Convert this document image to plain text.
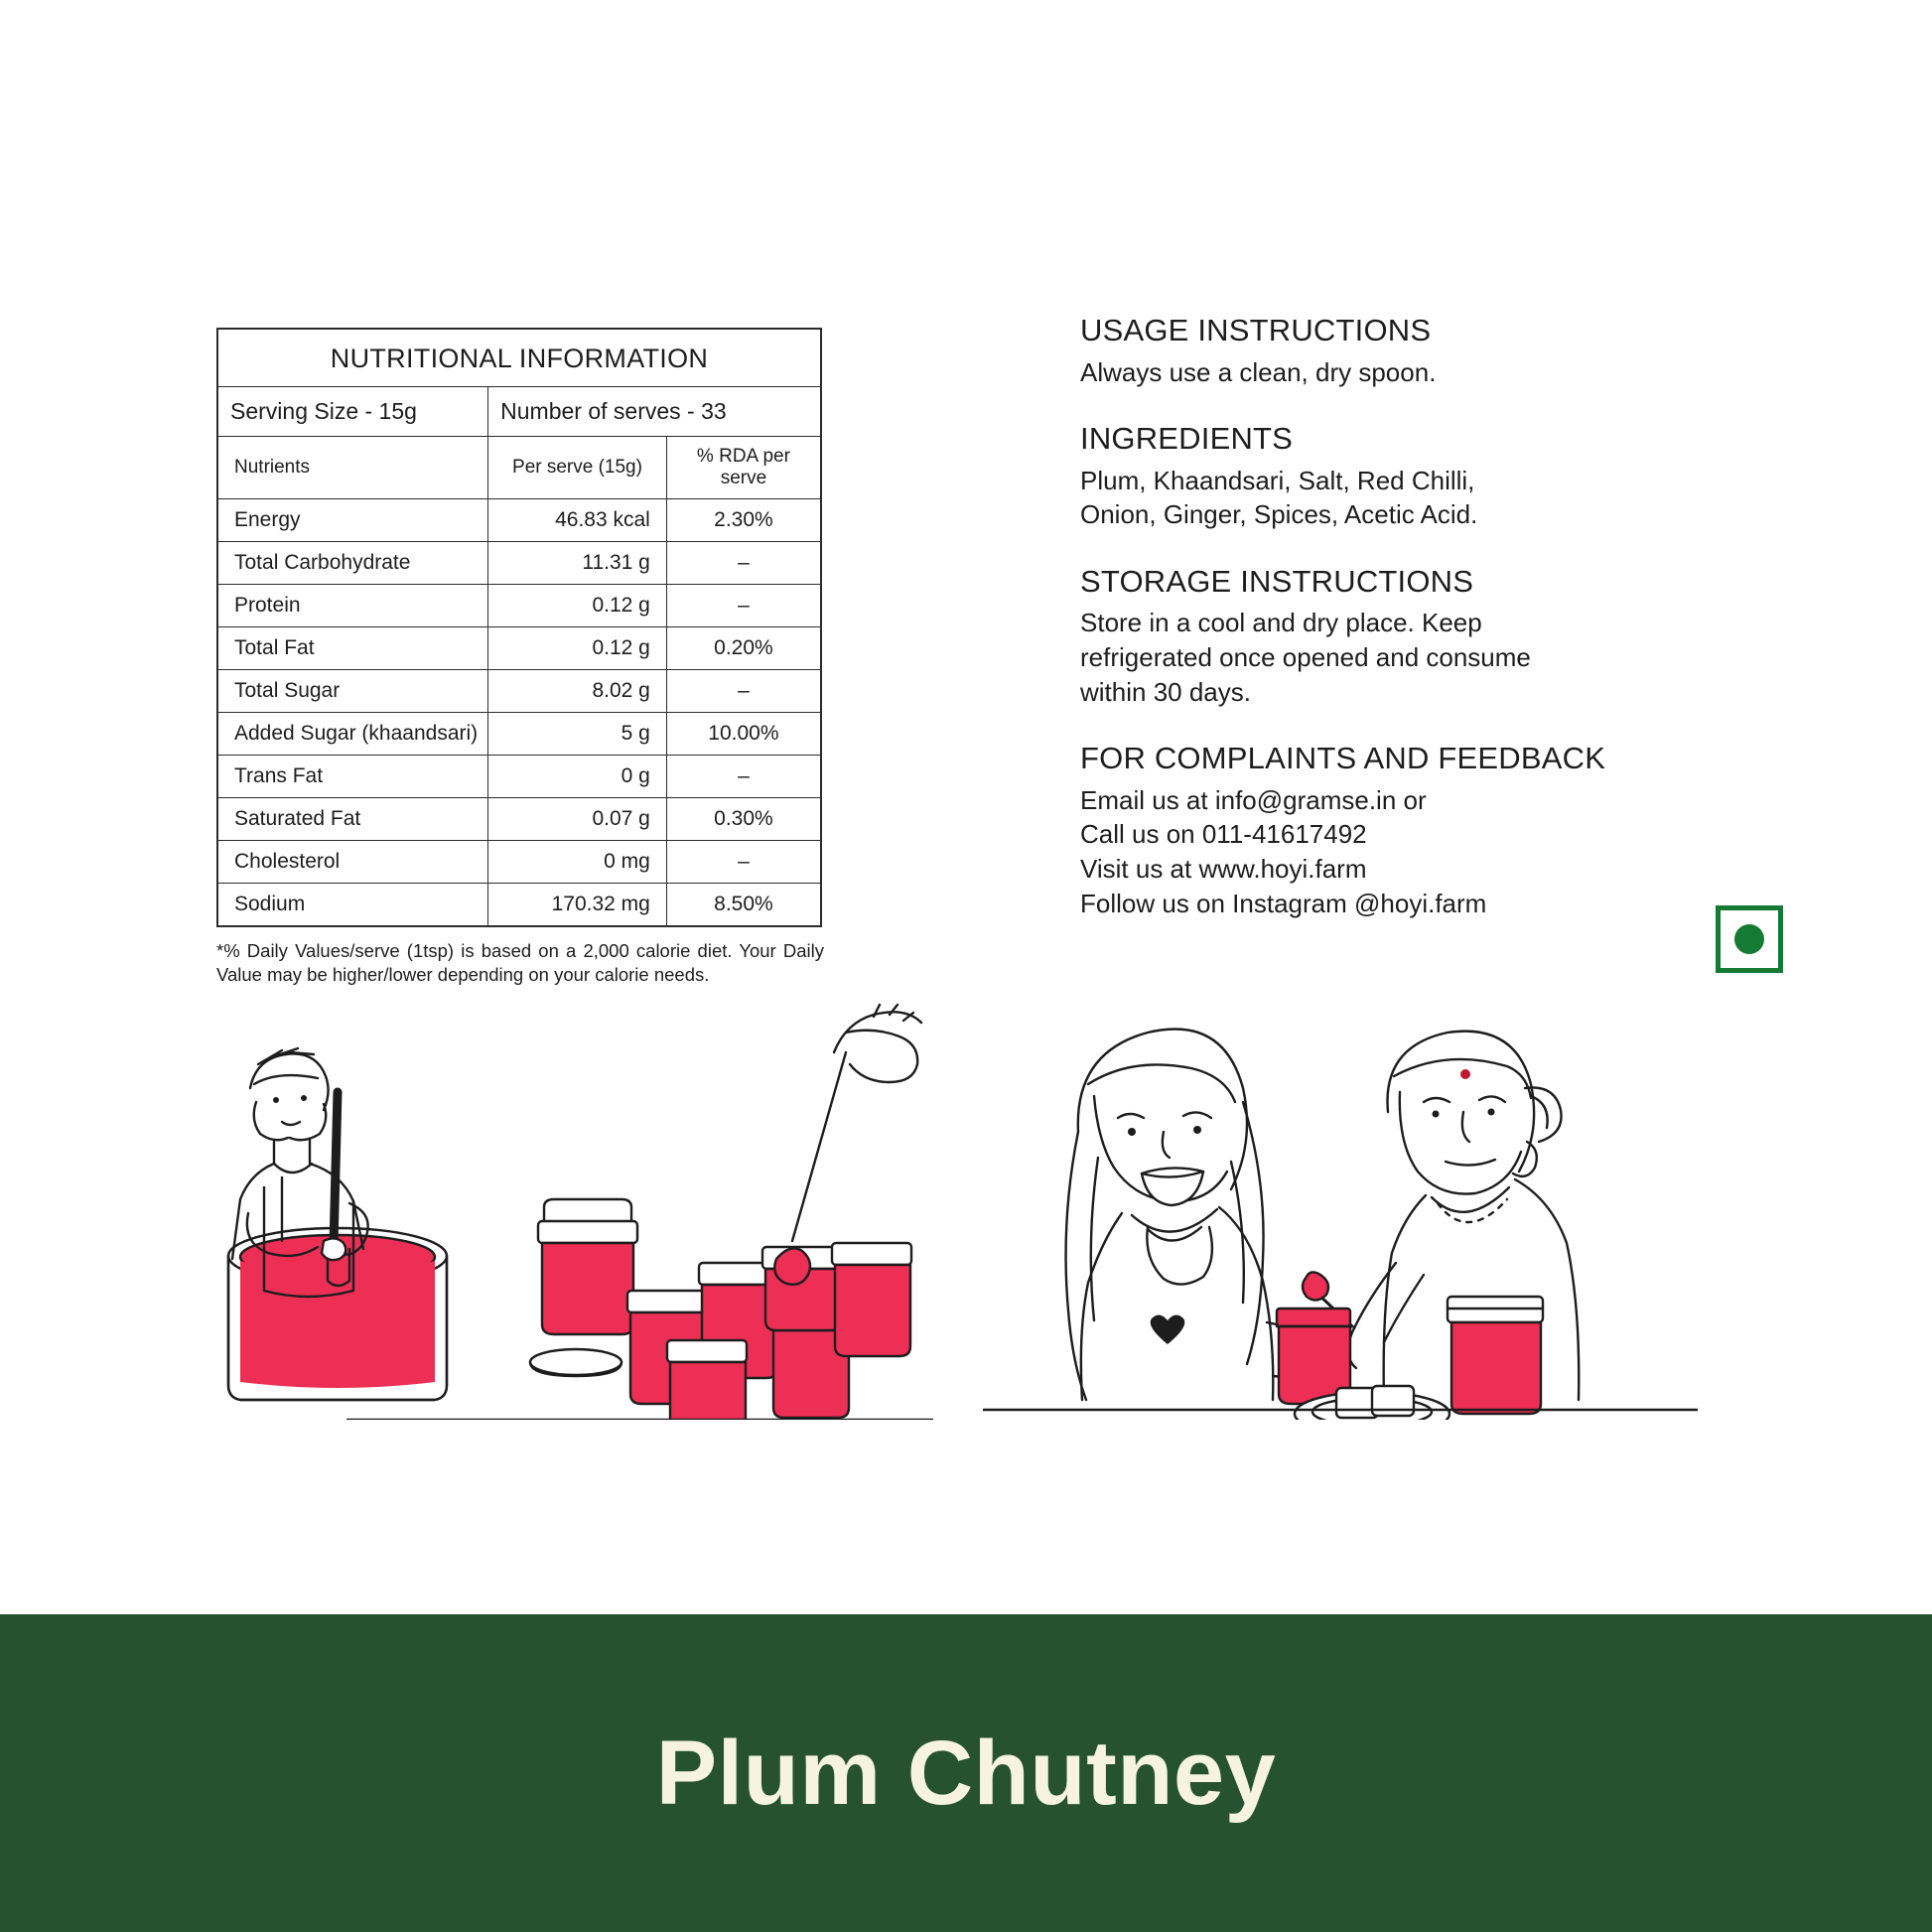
NUTRITIONAL INFORMATION		
Serving Size - 15g	Number of serves - 33	
Nutrients	Per serve (15g)	% RDA per serve
Energy	46.83 kcal	2.30%
Total Carbohydrate	11.31 g	–
Protein	0.12 g	–
Total Fat	0.12 g	0.20%
Total Sugar	8.02 g	–
Added Sugar (khaandsari)	5 g	10.00%
Trans Fat	0 g	–
Saturated Fat	0.07 g	0.30%
Cholesterol	0 mg	–
Sodium	170.32 mg	8.50%
*% Daily Values/serve (1tsp) is based on a 2,000 calorie diet. Your Daily Value may be higher/lower depending on your calorie needs.
USAGE INSTRUCTIONS

Always use a clean, dry spoon.

INGREDIENTS

Plum, Khaandsari, Salt, Red Chilli,
Onion, Ginger, Spices, Acetic Acid.

STORAGE INSTRUCTIONS

Store in a cool and dry place. Keep
refrigerated once opened and consume
within 30 days.

FOR COMPLAINTS AND FEEDBACK

Email us at info@gramse.in or
Call us on 011-41617492
Visit us at www.hoyi.farm
Follow us on Instagram @hoyi.farm

Plum Chutney
